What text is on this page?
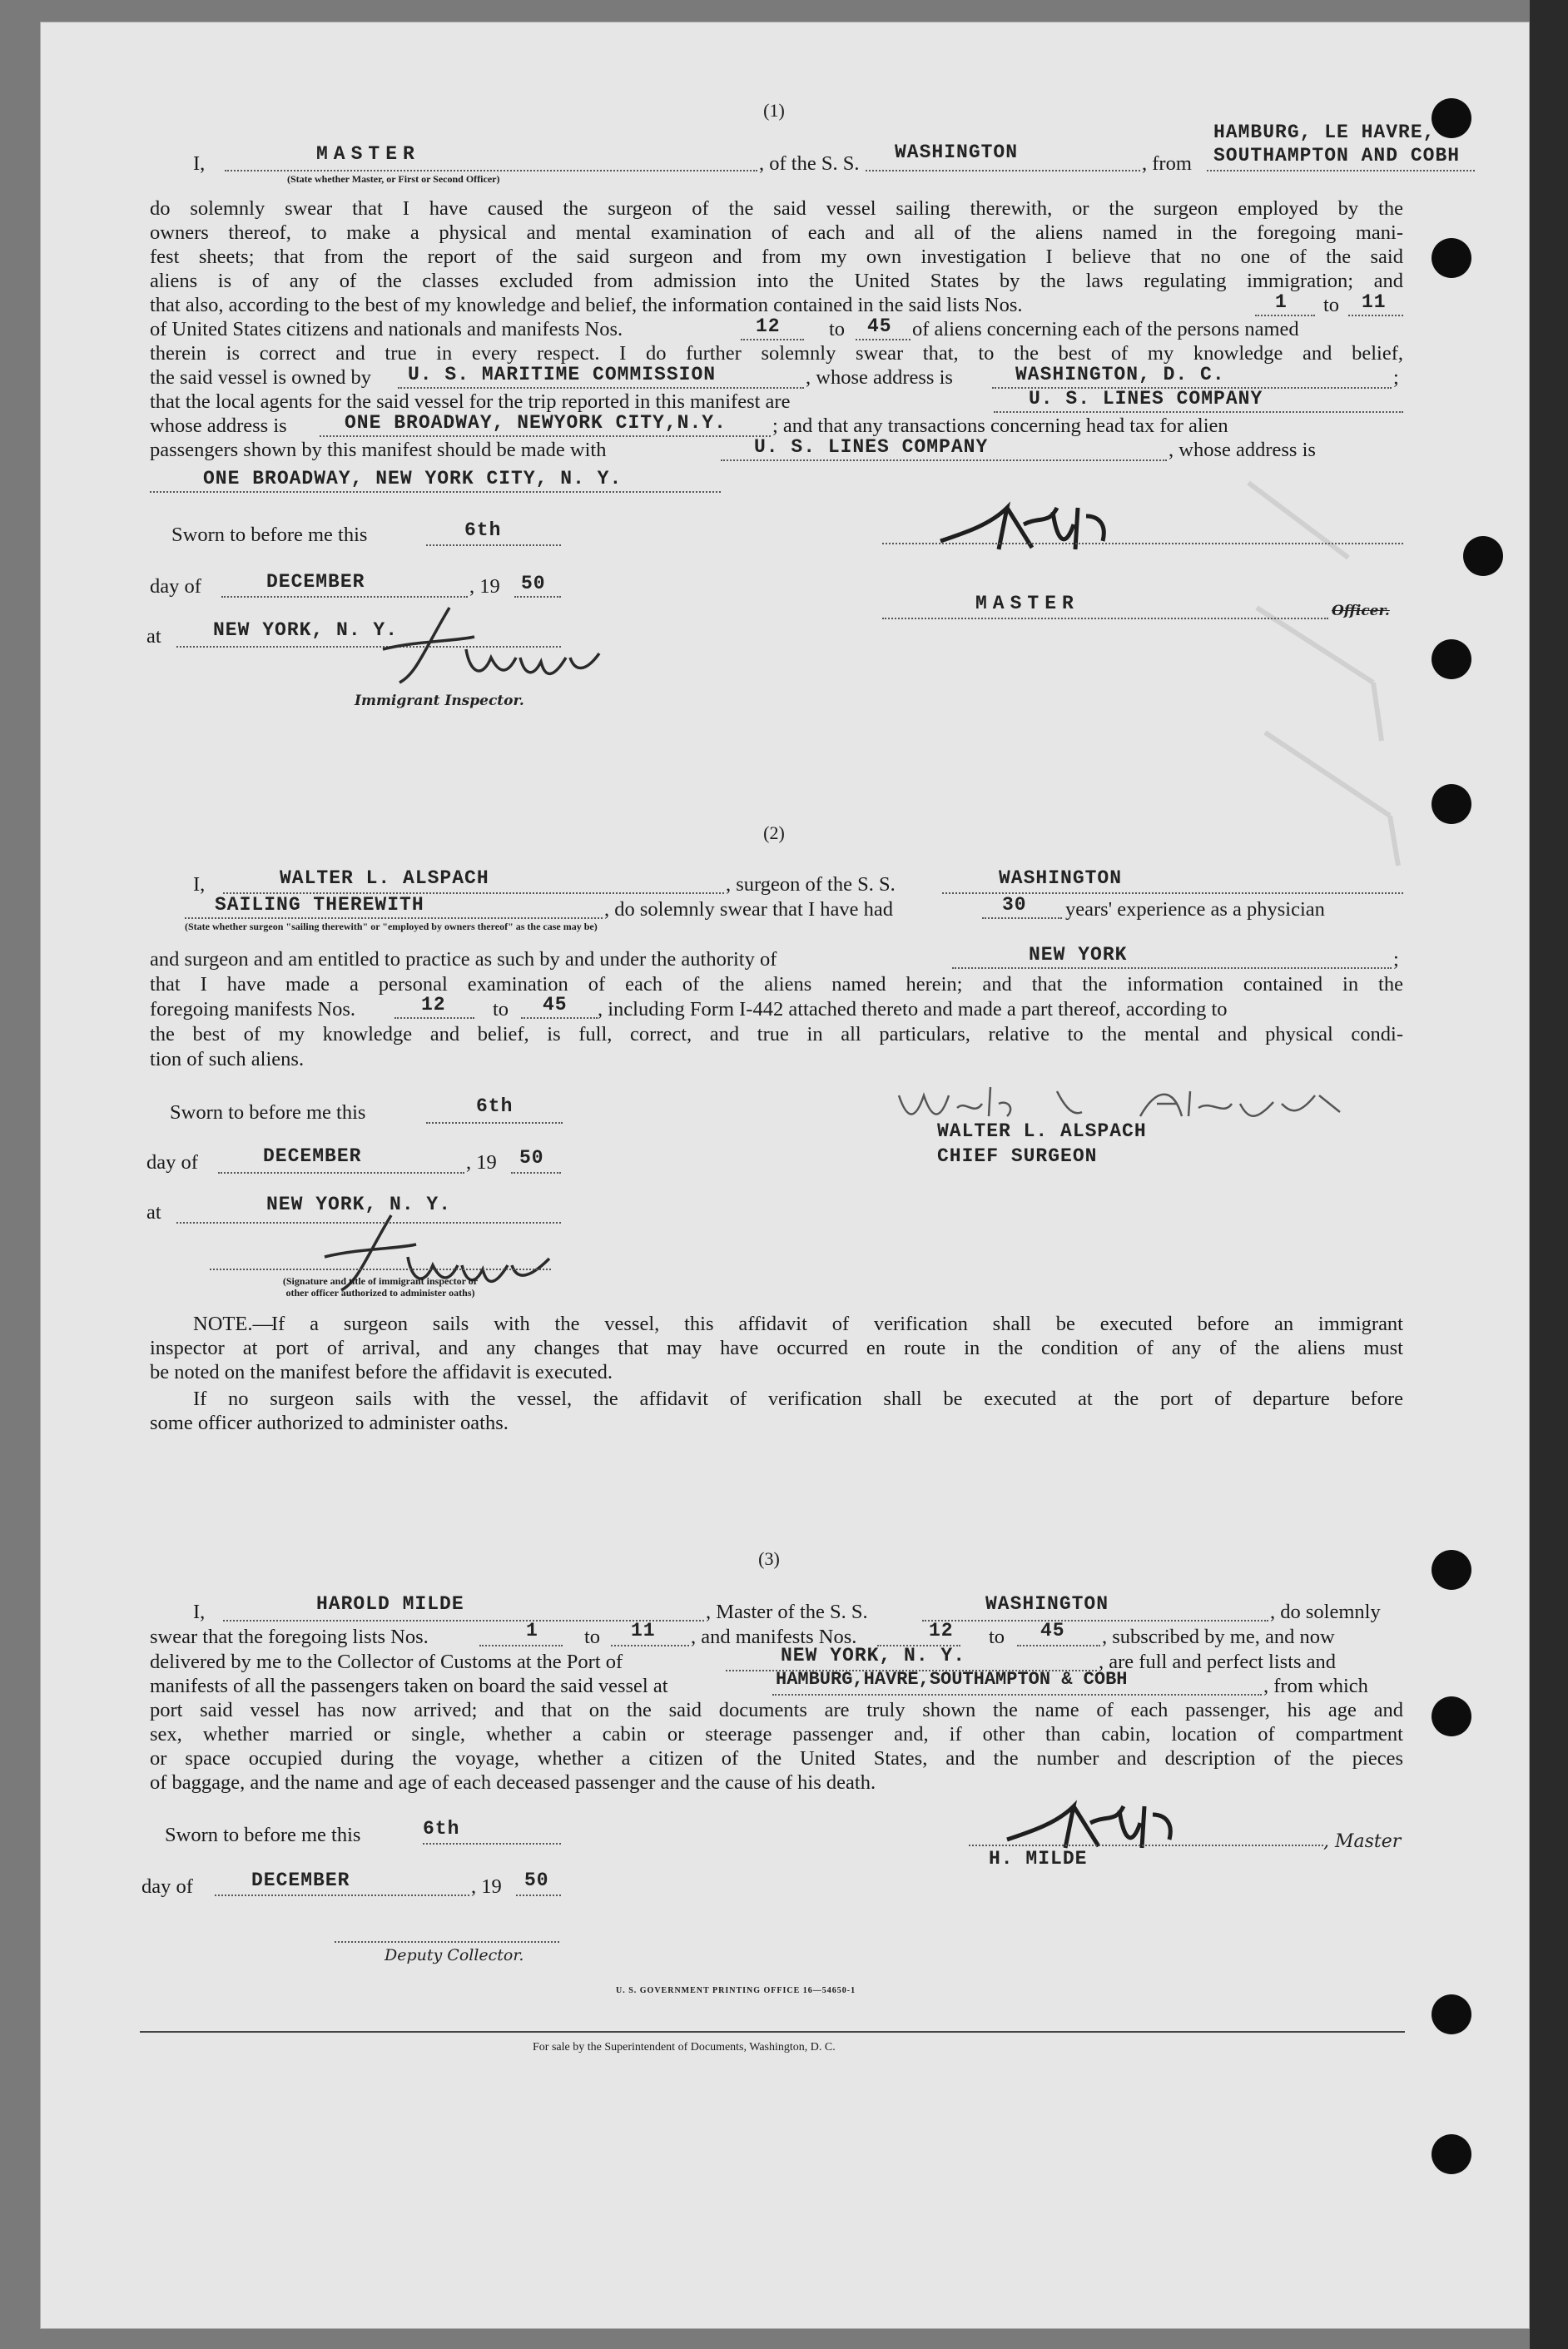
(1)
I,	MASTER
(State whether Master, or First or Second Officer)
, of the S. S. WASHINGTON	, from
HAMBURG, LE HAVRE,
SOUTHAMPTON AND COBH
do solemnly swear that I have caused the surgeon of the said vessel sailing therewith, or the surgeon employed by the
owners thereof, to make a physical and mental examination of each and all of the aliens named in the foregoing mani-
fest sheets; that from the report of the said surgeon and from my own investigation I believe that no one of the said
aliens is of any of the classes excluded from admission into the United States by the laws regulating immigration; and
that also, according to the best of my knowledge and belief, the information contained in the said lists Nos.	1 to 11
of United States citizens and nationals and manifests Nos.	12 to 45 of aliens concerning each of the persons named
therein is correct and true in every respect. I do further solemnly swear that, to the best of my knowledge and belief,
the said vessel is owned by U. S. MARITIME COMMISSION	, whose address is	WASHINGTON, D. C.	;
that the local agents for the said vessel for the trip reported in this manifest are	U. S. LINES COMPANY
whose address is	ONE BROADWAY, NEWYORK CITY,N.Y. ; and that any transactions concerning head tax for alien
passengers shown by this manifest should be made with	U. S. LINES COMPANY	, whose address is
ONE BROADWAY, NEW YORK CITY, N. Y.
Sworn to before me this	6th
day of	DECEMBER	, 19 50
at	NEW YORK, N. Y.
Immigrant Inspector.
MASTER	Officer.
(2)
I,	WALTER L. ALSPACH	, surgeon of the S. S.	WASHINGTON
SAILING THEREWITH
(State whether surgeon "sailing therewith" or "employed by owners thereof" as the case may be)
, do solemnly swear that I have had	30 years' experience as a physician
and surgeon and am entitled to practice as such by and under the authority of	NEW YORK	;
that I have made a personal examination of each of the aliens named herein; and that the information contained in the
foregoing manifests Nos.	12 to 45 , including Form I-442 attached thereto and made a part thereof, according to
the best of my knowledge and belief, is full, correct, and true in all particulars, relative to the mental and physical condi-
tion of such aliens.
Sworn to before me this	6th
day of	DECEMBER	, 19 50
at	NEW YORK, N. Y.
(Signature and title of immigrant inspector or
other officer authorized to administer oaths)
WALTER L. ALSPACH
CHIEF SURGEON
NOTE.—
If a surgeon sails with the vessel, this affidavit of verification shall be executed before an immigrant
inspector at port of arrival, and any changes that may have occurred en route in the condition of any of the aliens must
be noted on the manifest before the affidavit is executed.
If no surgeon sails with the vessel, the affidavit of verification shall be executed at the port of departure before
some officer authorized to administer oaths.
(3)
I,	HAROLD MILDE	, Master of the S. S.	WASHINGTON	, do solemnly
swear that the foregoing lists Nos.	1 to 11 , and manifests Nos.	12 to 45 , subscribed by me, and now
delivered by me to the Collector of Customs at the Port of	NEW YORK, N. Y.	, are full and perfect lists and
manifests of all the passengers taken on board the said vessel at	HAMBURG,HAVRE,SOUTHAMPTON & COBH	, from which
port said vessel has now arrived; and that on the said documents are truly shown the name of each passenger, his age and
sex, whether married or single, whether a cabin or steerage passenger and, if other than cabin, location of compartment
or space occupied during the voyage, whether a citizen of the United States, and the number and description of the pieces
of baggage, and the name and age of each deceased passenger and the cause of his death.
Sworn to before me this	6th
day of	DECEMBER	, 19 50
Deputy Collector.
H. MILDE
, Master
U. S. GOVERNMENT PRINTING OFFICE 16—54650-1
For sale by the Superintendent of Documents, Washington, D. C.
